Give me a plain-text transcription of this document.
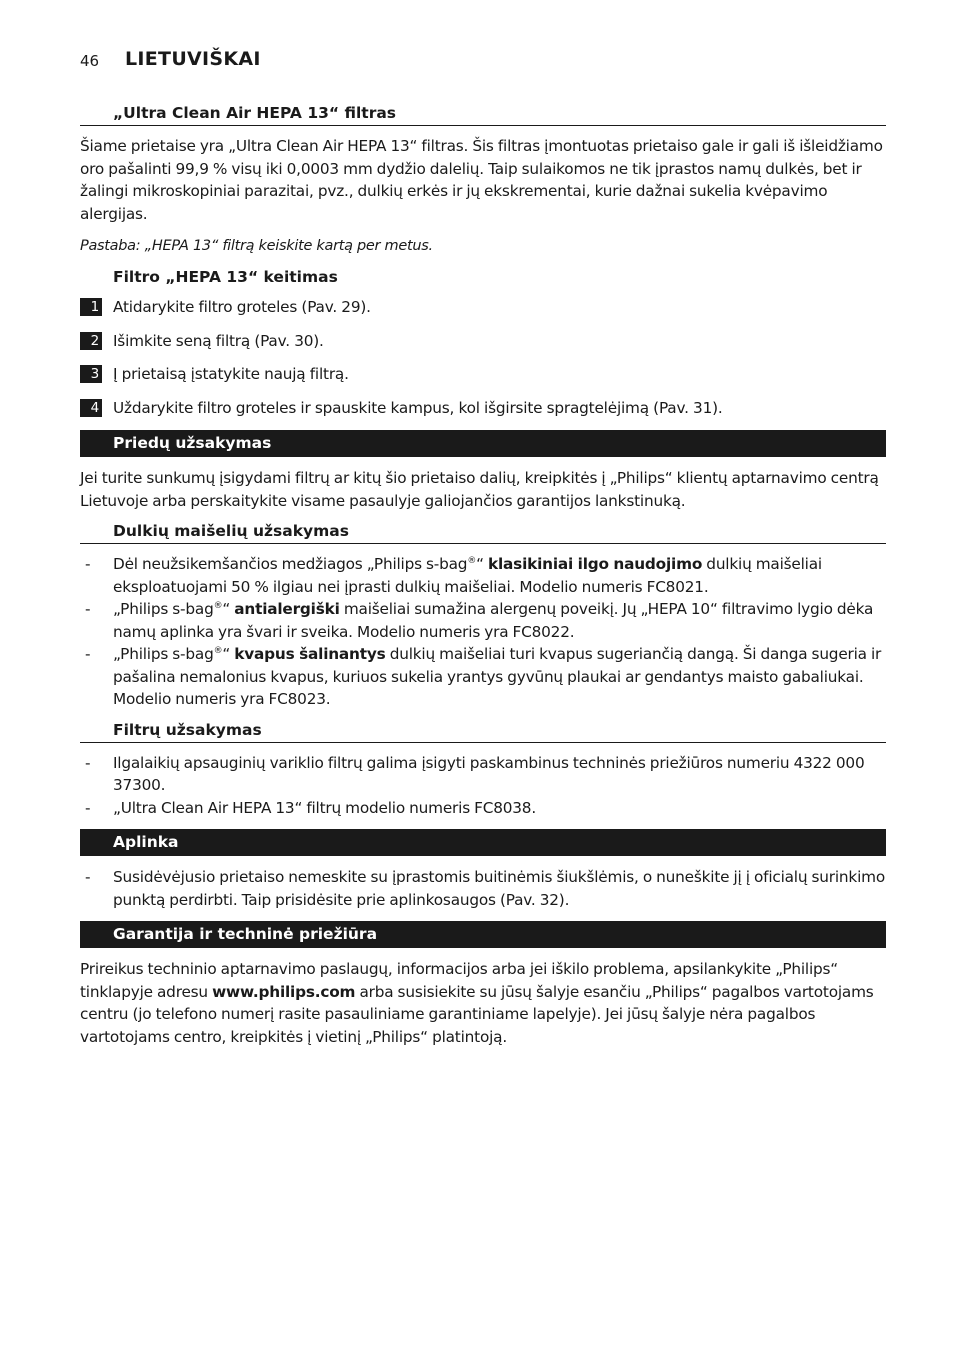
46 LIETUVIŠKAI
„Ultra Clean Air HEPA 13“ filtras

Šiame prietaise yra „Ultra Clean Air HEPA 13“ filtras. Šis filtras įmontuotas prietaiso gale ir gali iš išleidžiamo oro pašalinti 99,9 % visų iki 0,0003 mm dydžio dalelių. Taip sulaikomos ne tik įprastos namų dulkės, bet ir žalingi mikroskopiniai parazitai, pvz., dulkių erkės ir jų ekskrementai, kurie dažnai sukelia kvėpavimo alergijas.

Pastaba: „HEPA 13“ filtrą keiskite kartą per metus.

Filtro „HEPA 13“ keitimas
1 Atidarykite filtro groteles (Pav. 29).
2 Išimkite seną filtrą (Pav. 30).
3 Į prietaisą įstatykite naują filtrą.
4 Uždarykite filtro groteles ir spauskite kampus, kol išgirsite spragtelėjimą (Pav. 31).
Priedų užsakymas

Jei turite sunkumų įsigydami filtrų ar kitų šio prietaiso dalių, kreipkitės į „Philips“ klientų aptarnavimo centrą Lietuvoje arba perskaitykite visame pasaulyje galiojančios garantijos lankstinuką.

Dulkių maišelių užsakymas
- Dėl neužsikemšančios medžiagos „Philips s-bag®“ klasikiniai ilgo naudojimo dulkių maišeliai eksploatuojami 50 % ilgiau nei įprasti dulkių maišeliai. Modelio numeris FC8021.
- „Philips s-bag®“ antialergiški maišeliai sumažina alergenų poveikį. Jų „HEPA 10“ filtravimo lygio dėka namų aplinka yra švari ir sveika. Modelio numeris yra FC8022.
- „Philips s-bag®“ kvapus šalinantys dulkių maišeliai turi kvapus sugeriančią dangą. Ši danga sugeria ir pašalina nemalonius kvapus, kuriuos sukelia yrantys gyvūnų plaukai ar gendantys maisto gabaliukai. Modelio numeris yra FC8023.
Filtrų užsakymas
- Ilgalaikių apsauginių variklio filtrų galima įsigyti paskambinus techninės priežiūros numeriu 4322 000 37300.
- „Ultra Clean Air HEPA 13“ filtrų modelio numeris FC8038.
Aplinka
- Susidėvėjusio prietaiso nemeskite su įprastomis buitinėmis šiukšlėmis, o nuneškite jį į oficialų surinkimo punktą perdirbti. Taip prisidėsite prie aplinkosaugos (Pav. 32).
Garantija ir techninė priežiūra

Prireikus techninio aptarnavimo paslaugų, informacijos arba jei iškilo problema, apsilankykite „Philips“ tinklapyje adresu www.philips.com arba susisiekite su jūsų šalyje esančiu „Philips“ pagalbos vartotojams centru (jo telefono numerį rasite pasauliniame garantiniame lapelyje). Jei jūsų šalyje nėra pagalbos vartotojams centro, kreipkitės į vietinį „Philips“ platintoją.
